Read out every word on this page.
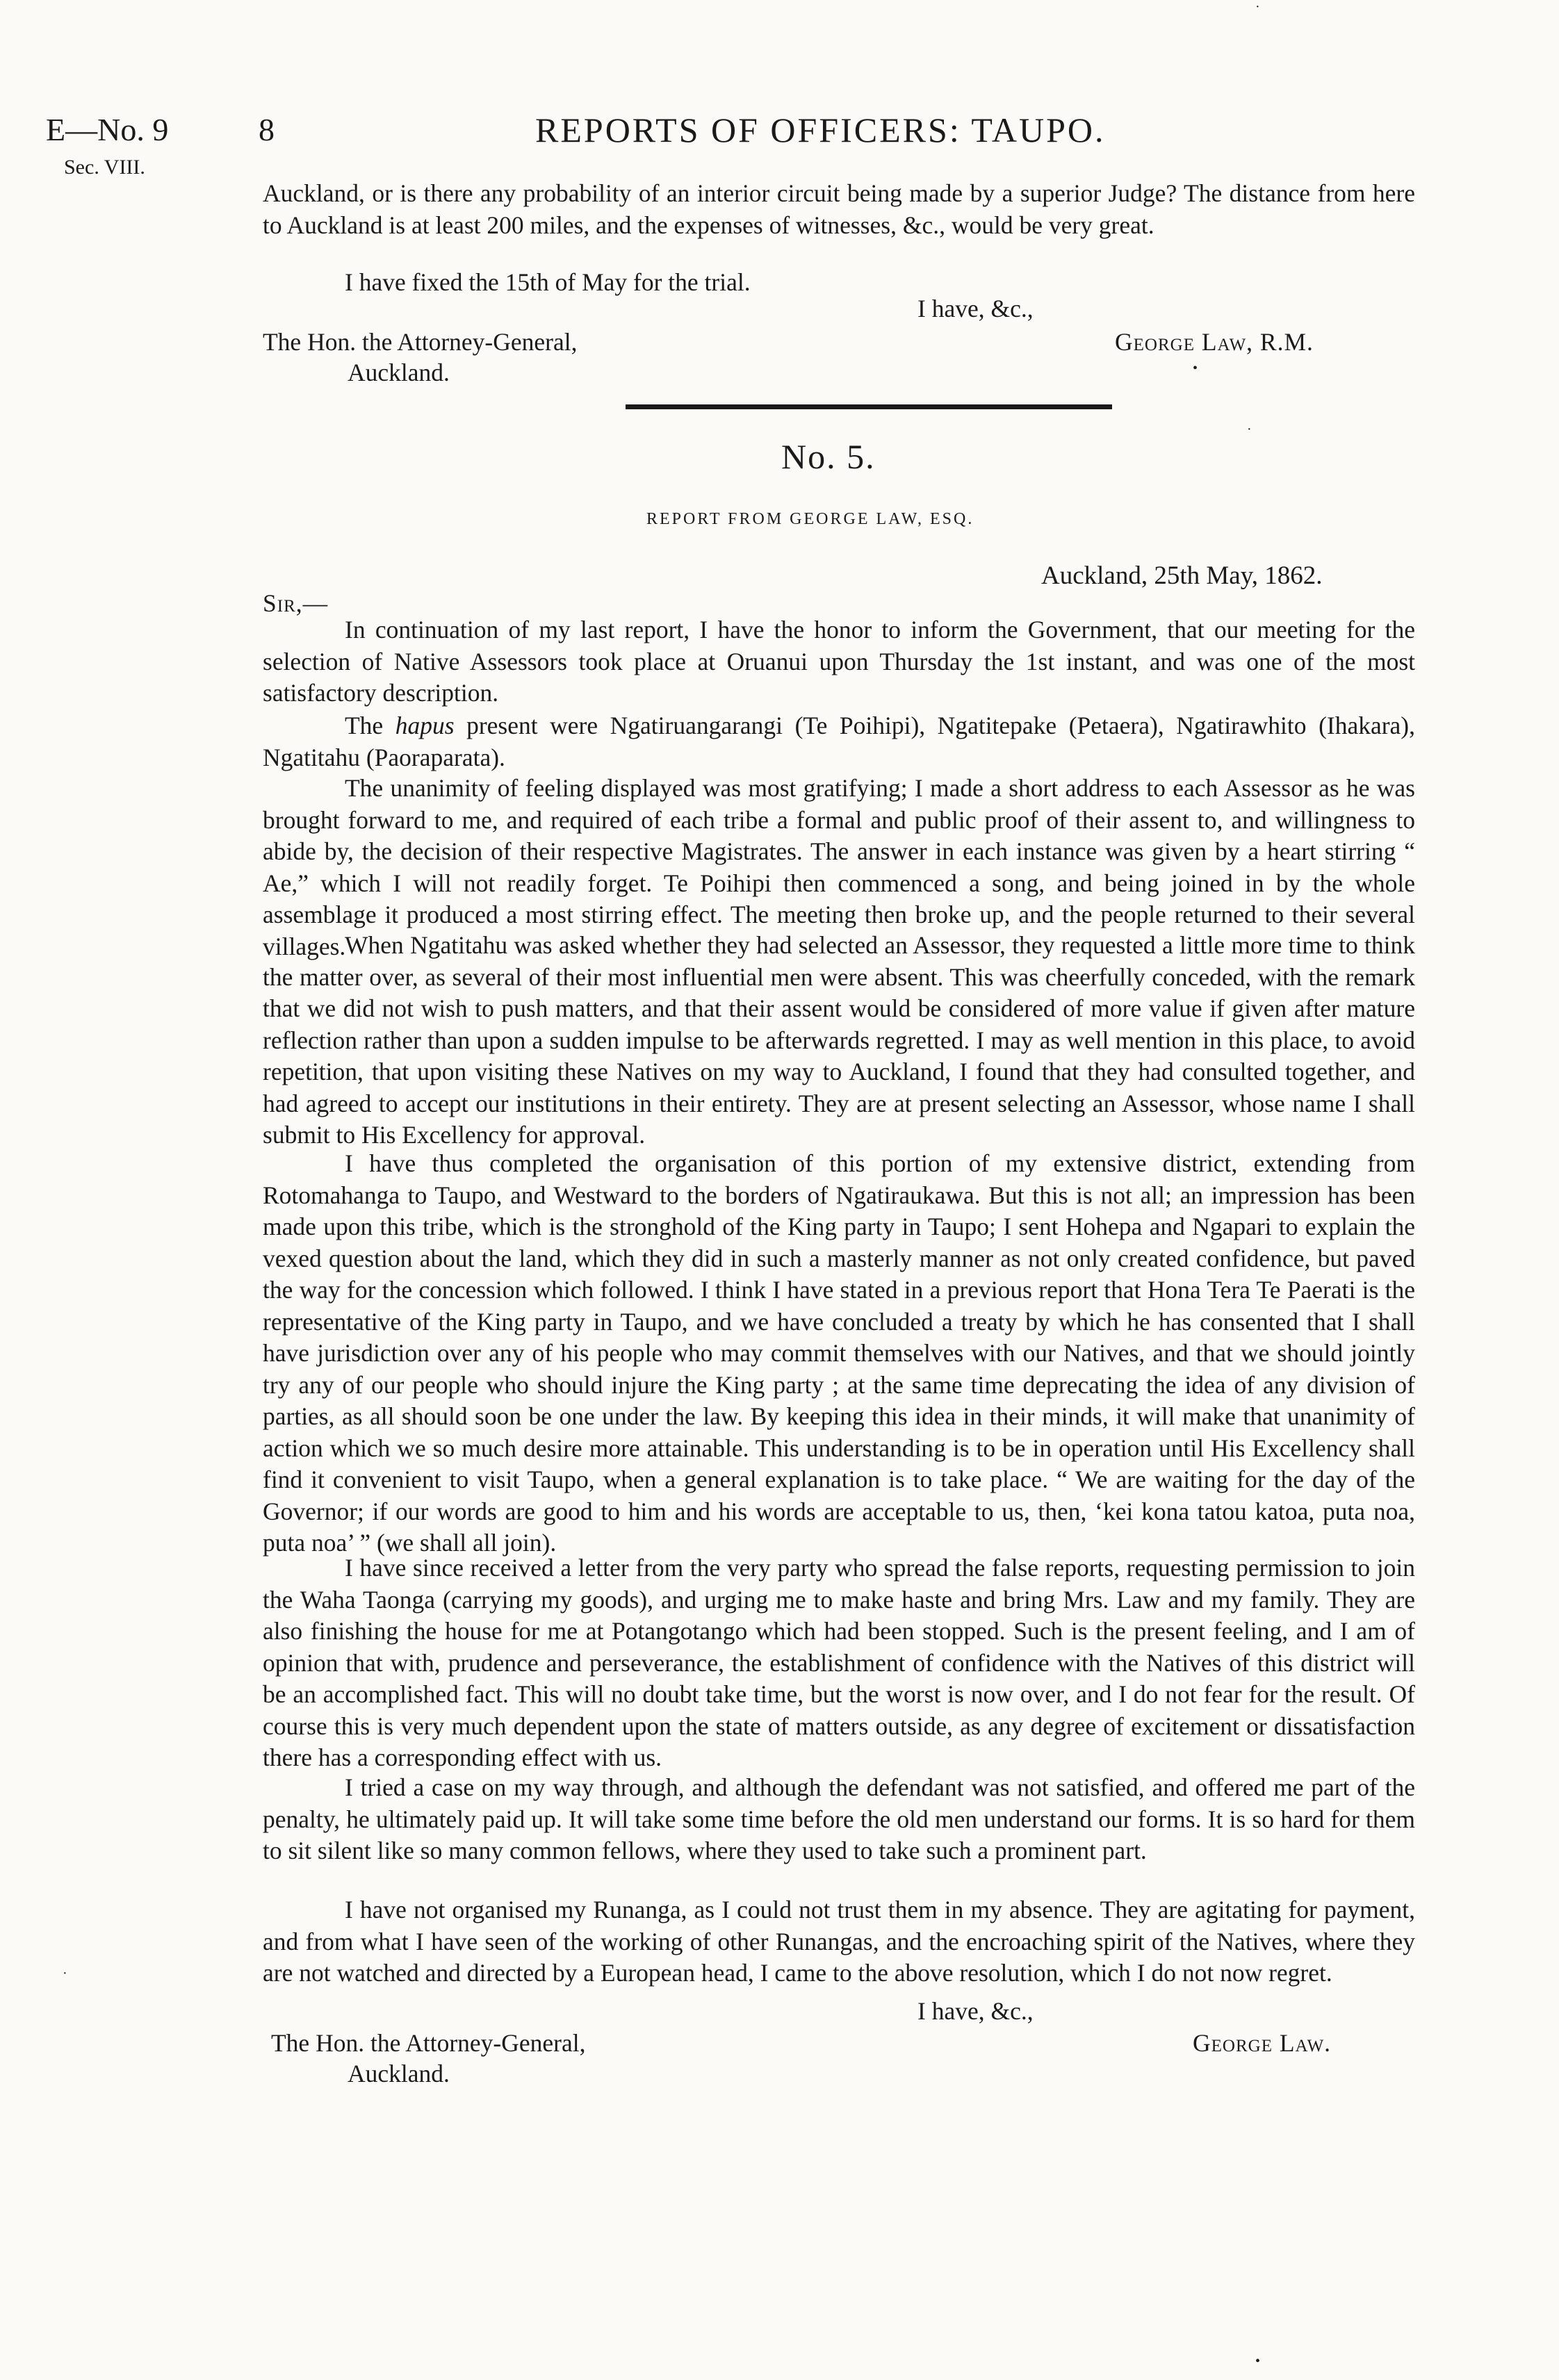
E—No. 9
Sec. VIII.
8	REPORTS OF OFFICERS: TAUPO.

Auckland, or is there any probability of an interior circuit being made by a superior Judge? The distance from here to Auckland is at least 200 miles, and the expenses of witnesses, &c., would be very great.

I have fixed the 15th of May for the trial.
I have, &c.,
The Hon. the Attorney-General,
Auckland.
George Law, R.M.
•
No. 5.
REPORT FROM GEORGE LAW, ESQ.
Auckland, 25th May, 1862.
Sir,—

In continuation of my last report, I have the honor to inform the Government, that our meeting for the selection of Native Assessors took place at Oruanui upon Thursday the 1st instant, and was one of the most satisfactory description.

The hapus present were Ngatiruangarangi (Te Poihipi), Ngatitepake (Petaera), Ngatirawhito (Ihakara), Ngatitahu (Paoraparata).

The unanimity of feeling displayed was most gratifying; I made a short address to each Assessor as he was brought forward to me, and required of each tribe a formal and public proof of their assent to, and willingness to abide by, the decision of their respective Magistrates. The answer in each instance was given by a heart stirring “ Ae,” which I will not readily forget. Te Poihipi then commenced a song, and being joined in by the whole assemblage it produced a most stirring effect. The meeting then broke up, and the people returned to their several villages.

When Ngatitahu was asked whether they had selected an Assessor, they requested a little more time to think the matter over, as several of their most influential men were absent. This was cheerfully conceded, with the remark that we did not wish to push matters, and that their assent would be considered of more value if given after mature reflection rather than upon a sudden impulse to be afterwards regretted. I may as well mention in this place, to avoid repetition, that upon visiting these Natives on my way to Auckland, I found that they had consulted together, and had agreed to accept our institutions in their entirety. They are at present selecting an Assessor, whose name I shall submit to His Excellency for approval.

I have thus completed the organisation of this portion of my extensive district, extending from Rotomahanga to Taupo, and Westward to the borders of Ngatiraukawa. But this is not all; an impression has been made upon this tribe, which is the stronghold of the King party in Taupo; I sent Hohepa and Ngapari to explain the vexed question about the land, which they did in such a masterly manner as not only created confidence, but paved the way for the concession which followed. I think I have stated in a previous report that Hona Tera Te Paerati is the representative of the King party in Taupo, and we have concluded a treaty by which he has consented that I shall have jurisdiction over any of his people who may commit themselves with our Natives, and that we should jointly try any of our people who should injure the King party ; at the same time deprecating the idea of any division of parties, as all should soon be one under the law. By keeping this idea in their minds, it will make that unanimity of action which we so much desire more attainable. This understanding is to be in operation until His Excellency shall find it convenient to visit Taupo, when a general explanation is to take place. “ We are waiting for the day of the Governor; if our words are good to him and his words are acceptable to us, then, ‘kei kona tatou katoa, puta noa, puta noa’ ” (we shall all join).

I have since received a letter from the very party who spread the false reports, requesting permission to join the Waha Taonga (carrying my goods), and urging me to make haste and bring Mrs. Law and my family. They are also finishing the house for me at Potangotango which had been stopped. Such is the present feeling, and I am of opinion that with, prudence and perseverance, the establishment of confidence with the Natives of this district will be an accomplished fact. This will no doubt take time, but the worst is now over, and I do not fear for the result. Of course this is very much dependent upon the state of matters outside, as any degree of excitement or dissatisfaction there has a corresponding effect with us.

I tried a case on my way through, and although the defendant was not satisfied, and offered me part of the penalty, he ultimately paid up. It will take some time before the old men understand our forms. It is so hard for them to sit silent like so many common fellows, where they used to take such a prominent part.

I have not organised my Runanga, as I could not trust them in my absence. They are agitating for payment, and from what I have seen of the working of other Runangas, and the encroaching spirit of the Natives, where they are not watched and directed by a European head, I came to the above resolution, which I do not now regret.

I have, &c.,
The Hon. the Attorney-General,
Auckland.
George Law.
·
·
·
•
